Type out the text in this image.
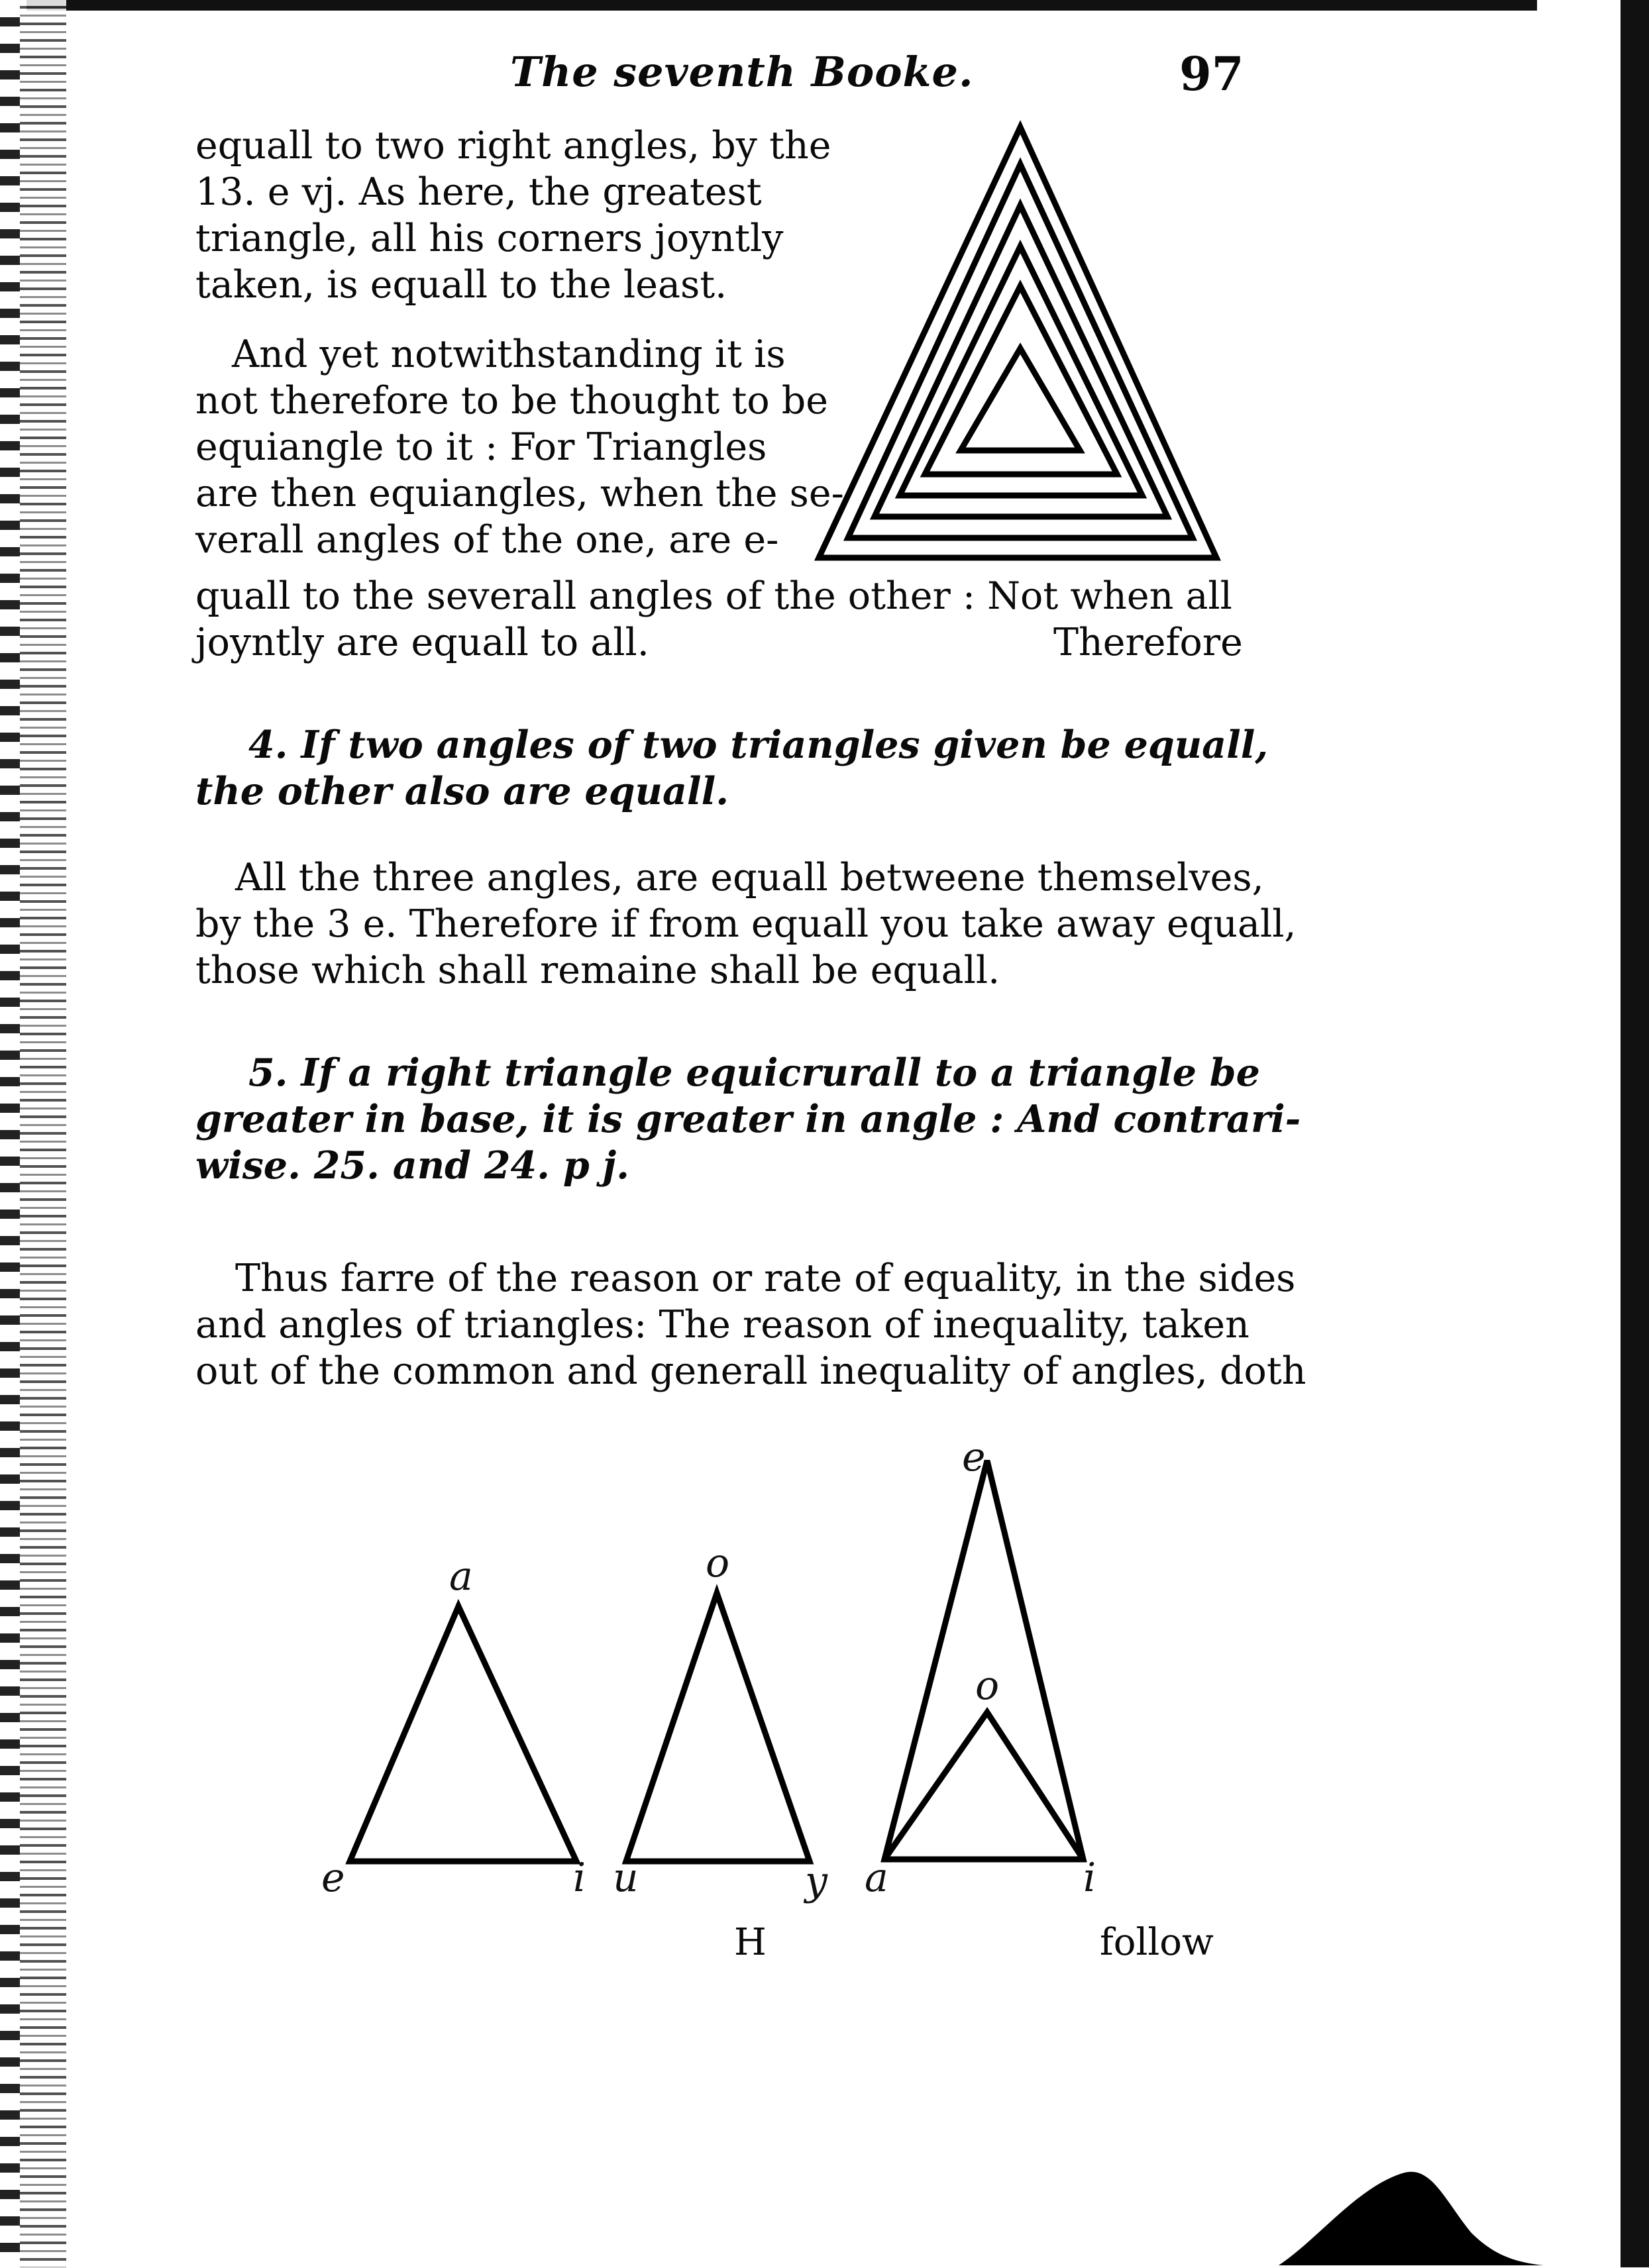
The seventh Booke.	97
equall to two right angles, by the
13. e vj. As here, the greatest
triangle, all his corners joyntly
taken, is equall to the least.
And yet notwithstanding it is
not therefore to be thought to be
equiangle to it : For Triangles
are then equiangles, when the se-
verall angles of the one, are e-
quall to the severall angles of the other : Not when all
joyntly are equall to all.	Therefore
4. If two angles of two triangles given be equall,
the other also are equall.
All the three angles, are equall betweene themselves,
by the 3 e. Therefore if from equall you take away equall,
those which shall remaine shall be equall.
5. If a right triangle equicrurall to a triangle be
greater in base, it is greater in angle : And contrari-
wise. 25. and 24. p j.
Thus farre of the reason or rate of equality, in the sides
and angles of triangles: The reason of inequality, taken
out of the common and generall inequality of angles, doth
a
e	i
o
u	y
e
o
a	i
H	follow
